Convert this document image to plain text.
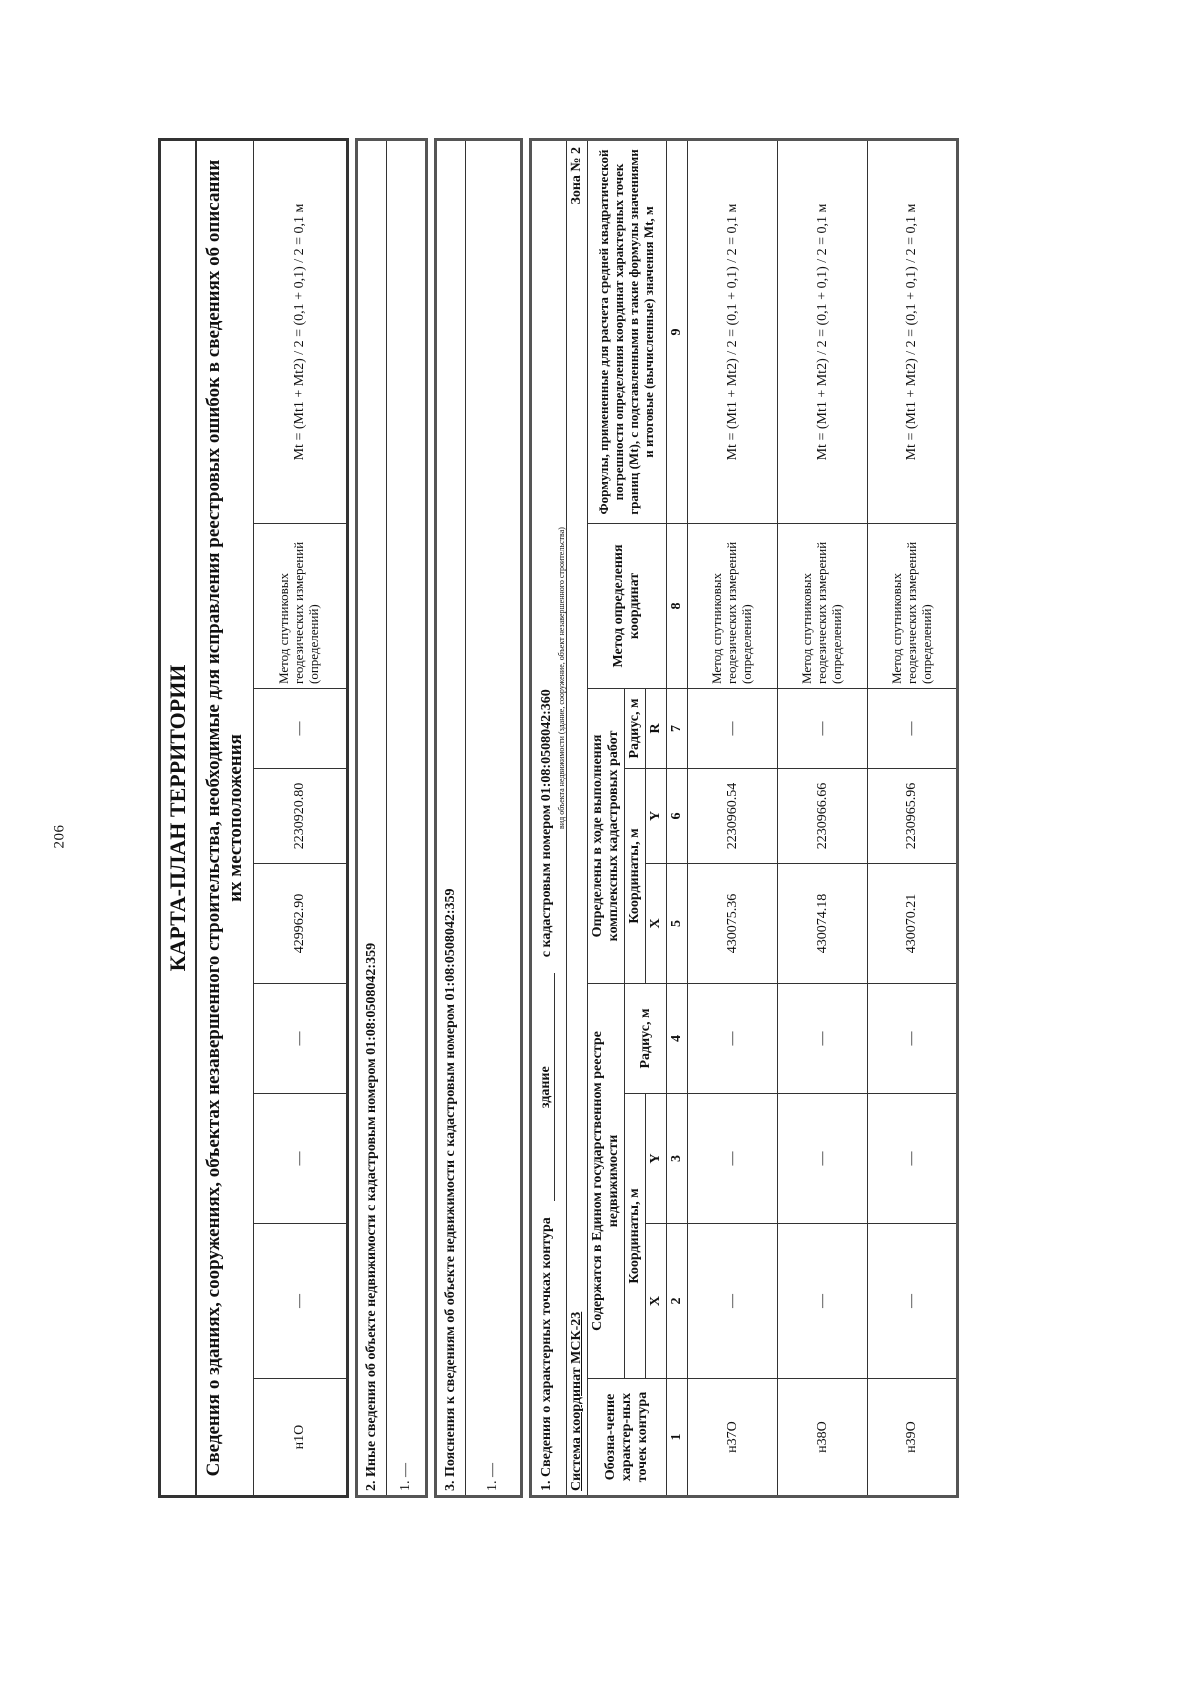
206	КАРТА-ПЛАН ТЕРРИТОРИИ Сведения о зданиях, сооружениях, объектах незавершенного строительства, необходимые для исправления реестровых ошибок в сведениях об описании их местоположения
н1О	—	—	—	429962.90	2230920.80	—	Метод спутниковых геодезических измерений (определений)	Mt = (Mt1 + Mt2) / 2 = (0,1 + 0,1) / 2 = 0,1 м
2. Иные сведения об объекте недвижимости с кадастровым номером 01:08:0508042:359
1. — 3. Пояснения к сведениям об объекте недвижимости с кадастровым номером 01:08:0508042:359
1. —	1. Сведения о характерных точках контура
здание
с кадастровым номером 01:08:0508042:360 вид объекта недвижимости (здание, сооружение, объект незавершенного строительства)
Система координат МСК-23
Зона № 2
Обозна-чение характер-ных точек контура	Содержатся в Едином государственном реестре недвижимости			Определены в ходе выполнения комплексных кадастровых работ			Метод определения координат	Формулы, примененные для расчета средней квадратической погрешности определения координат характерных точек границ (Mt), с подставленными в такие формулы значениями и итоговые (вычисленные) значения Mt, м
	Координаты, м		Радиус, м	Координаты, м		Радиус, м		
	X	Y		X	Y	R		
1	2	3	4	5	6	7	8	9
н37О	—	—	—	430075.36	2230960.54	—	Метод спутниковых геодезических измерений (определений)	Mt = (Mt1 + Mt2) / 2 = (0,1 + 0,1) / 2 = 0,1 м
н38О	—	—	—	430074.18	2230966.66	—	Метод спутниковых геодезических измерений (определений)	Mt = (Mt1 + Mt2) / 2 = (0,1 + 0,1) / 2 = 0,1 м
н39О	—	—	—	430070.21	2230965.96	—	Метод спутниковых геодезических измерений (определений)	Mt = (Mt1 + Mt2) / 2 = (0,1 + 0,1) / 2 = 0,1 м
